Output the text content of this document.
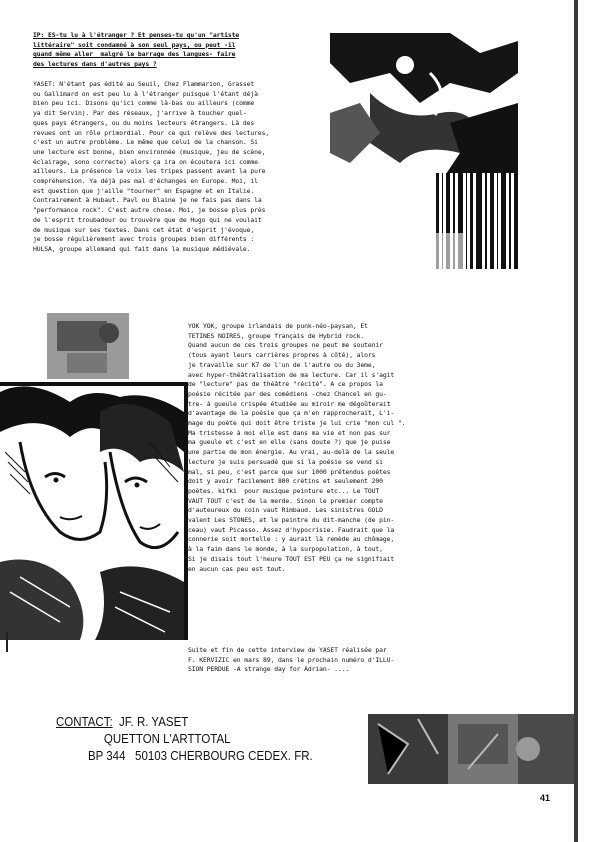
IP: ES-tu lu à l'étranger ? Et penses-tu qu'un "artiste
littéraire" soit condamné à son seul pays, ou peut -il
quand même aller  malgré le barrage des langues- faire
des lectures dans d'autres pays ?
YASET: N'étant pas édité au Seuil, Chez Flammarion, Grasset
ou Gallimard on est peu lu à l'étranger puisque l'étant déjà
bien peu ici. Disons qu'ici comme là-bas ou ailleurs (comme
ya dit Servin). Par des réseaux, j'arrive à toucher quel-
ques pays étrangers, ou du moins lecteurs étrangers. Là des
revues ont un rôle primordial. Pour ce qui relève des lectures,
c'est un autre problème. Le même que celui de la chanson. Si
une lecture est bonne, bien environnée (musique, jeu de scène,
éclairage, sono correcte) alors ça ira on écoutera ici comme
ailleurs. La présence la voix les tripes passent avant la pure
compréhension. Ya déjà pas mal d'échanges en Europe. Moi, il
est question que j'aille "tourner" en Espagne et en Italie.
Contrairement à Hubaut. Pavl ou Blaine je ne fais pas dans la
"performance rock". C'est autre chose. Moi, je bosse plus près
de l'esprit troubadour ou trouvère que de Hugo qui ne voulait
de musique sur ses textes. Dans cet état d'esprit j'évoque,
je bosse régulièrement avec trois groupes bien différents :
HULSA, groupe allemand qui fait dans la musique médiévale.
YOK YOK, groupe irlandais de punk-néo-paysan, Et
TETINES NOIRES, groupe français de Hybrid rock.
Quand aucun de ces trois groupes ne peut me soutenir
(tous ayant leurs carrières propres à côté), alors
je travaille sur K7 de l'un de l'autre ou du 3eme,
avec hyper-théâtralisation de ma lecture. Car il s'agit
de "lecture" pas de théâtre "récité". A ce propos la
poésie récitée par des comédiens -chez Chancel en gu-
tre- à gueule crispée étudiée au miroir me dégoûterait
d'avantage de la poésie que ça m'en rapprocherait, L'i-
mage du poète qui doit être triste je lui crie "mon cul ".
Ma tristesse à moi elle est dans ma vie et non pas sur
ma gueule et c'est en elle (sans doute ?) que je puise
une partie de mon énergie. Au vrai, au-delà de la seule
lecture je suis persuadé que si la poésie se vend si
mal, si peu, c'est parce que sur 1000 prétendus poètes
doit y avoir facilement 800 crétins et seulement 200
poètes. kifki  pour musique peinture etc... Le TOUT
VAUT TOUT c'est de la merde. Sinon le premier compte
d'auteureux du coin vaut Rimbaud. Les sinistres GOLD
valent Les STONES, et le peintre du dit-manche (de pin-
ceau) vaut Picasso. Assez d'hypocrisie. Faudrait que la
connerie soit mortelle : y aurait là remède au chômage,
à la faim dans le monde, à la surpopulation, à tout,
Si je disais tout l'heure TOUT EST PEU ça ne signifiait
en aucun cas peu est tout.
Suite et fin de cette interview de YASET réalisée par
F. KERVIZIC en mars 89, dans le prochain numéro d'ILLU-
SION PERDUE -A strange day for Adrian- ....
CONTACT: JF. R. YASET
QUETTON L'ARTTOTAL
BP 344   50103 CHERBOURG CEDEX. FR.
41
